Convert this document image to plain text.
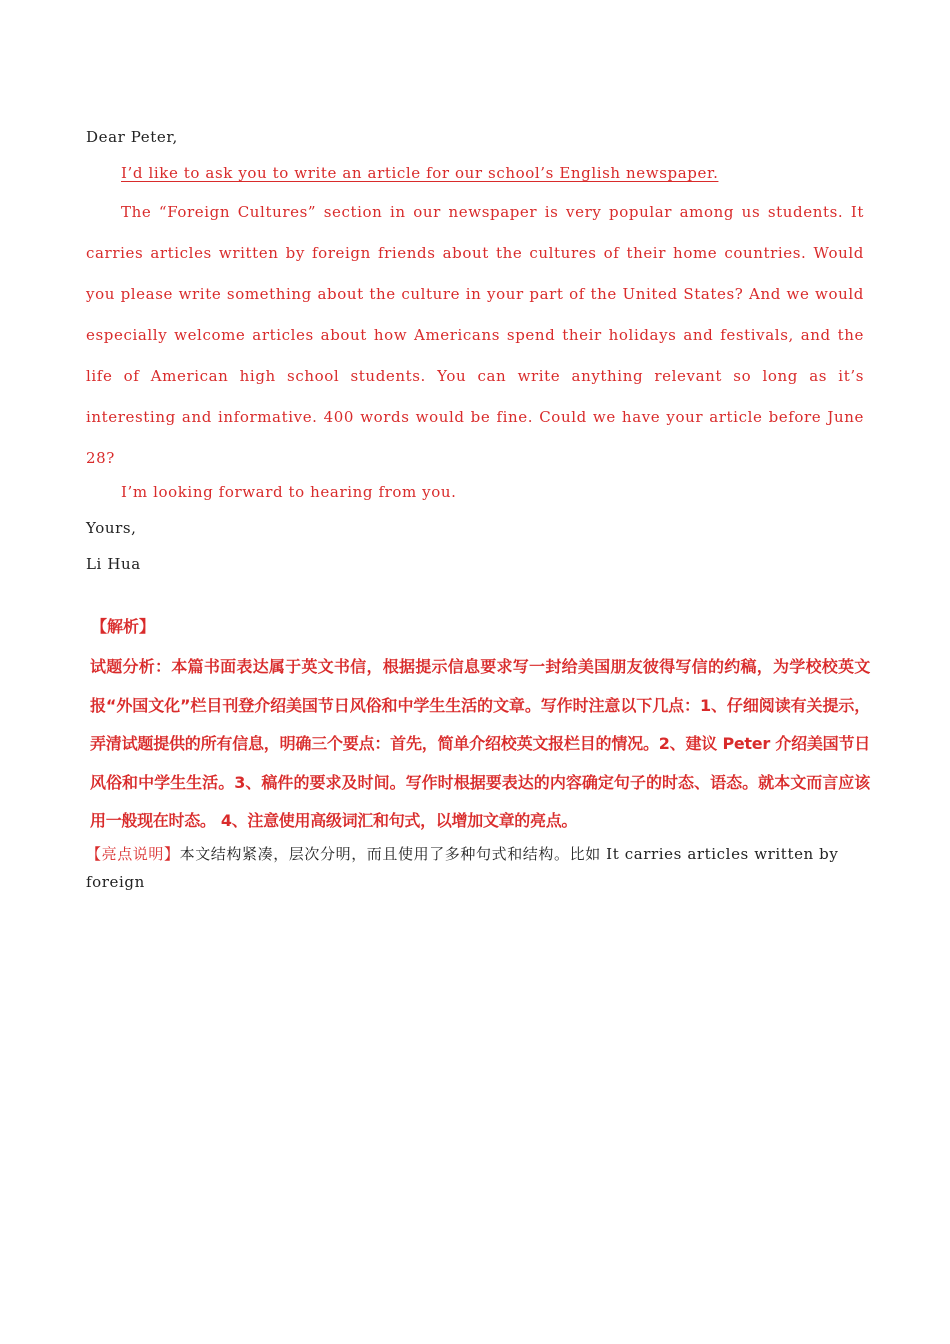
Dear Peter,
I’d like to ask you to write an article for our school’s English newspaper.
The “Foreign Cultures” section in our newspaper is very popular among us students. It carries articles written by foreign friends about the cultures of their home countries. Would you please write something about the culture in your part of the United States? And we would especially welcome articles about how Americans spend their holidays and festivals, and the life of American high school students. You can write anything relevant so long as it’s interesting and informative. 400 words would be fine. Could we have your article before June 28?
I’m looking forward to hearing from you.
Yours,
Li Hua
【解析】
试题分析：本篇书面表达属于英文书信，根据提示信息要求写一封给美国朋友彼得写信的约稿，为学校校英文报“外国文化”栏目刊登介绍美国节日风俗和中学生生活的文章。写作时注意以下几点：1、仔细阅读有关提示，弄清试题提供的所有信息，明确三个要点：首先，简单介绍校英文报栏目的情况。2、建议 Peter 介绍美国节日风俗和中学生生活。3、稿件的要求及时间。写作时根据要表达的内容确定句子的时态、语态。就本文而言应该用一般现在时态。 4、注意使用高级词汇和句式，以增加文章的亮点。
【亮点说明】本文结构紧凑，层次分明，而且使用了多种句式和结构。比如 It carries articles written by foreign
